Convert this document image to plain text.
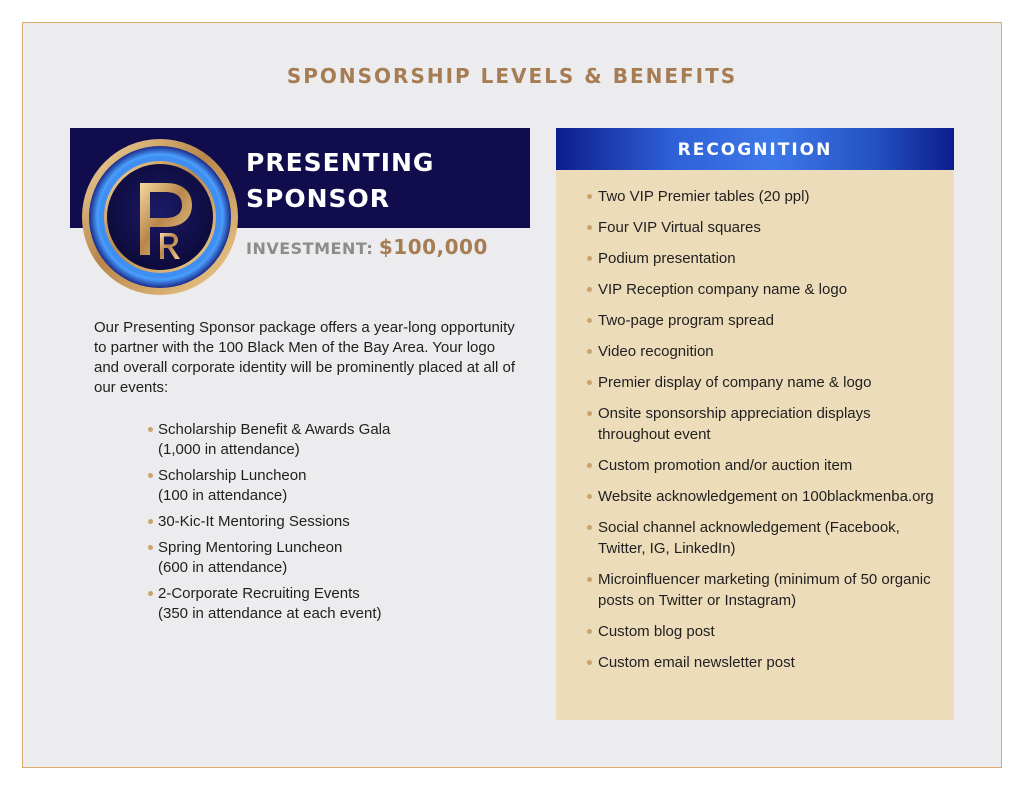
SPONSORSHIP LEVELS & BENEFITS
PRESENTING
SPONSOR
INVESTMENT: $100,000

Our Presenting Sponsor package offers a year-long opportunity to partner with the 100 Black Men of the Bay Area. Your logo and overall corporate identity will be prominently placed at all of our events:

Scholarship Benefit & Awards Gala
(1,000 in attendance)
Scholarship Luncheon
(100 in attendance)
30-Kic-It Mentoring Sessions
Spring Mentoring Luncheon
(600 in attendance)
2-Corporate Recruiting Events
(350 in attendance at each event)
RECOGNITION
Two VIP Premier tables (20 ppl)
Four VIP Virtual squares
Podium presentation
VIP Reception company name & logo
Two-page program spread
Video recognition
Premier display of company name & logo
Onsite sponsorship appreciation displays throughout event
Custom promotion and/or auction item
Website acknowledgement on 100blackmenba.org
Social channel acknowledgement (Facebook, Twitter, IG, LinkedIn)
Microinfluencer marketing (minimum of 50 organic posts on Twitter or Instagram)
Custom blog post
Custom email newsletter post
